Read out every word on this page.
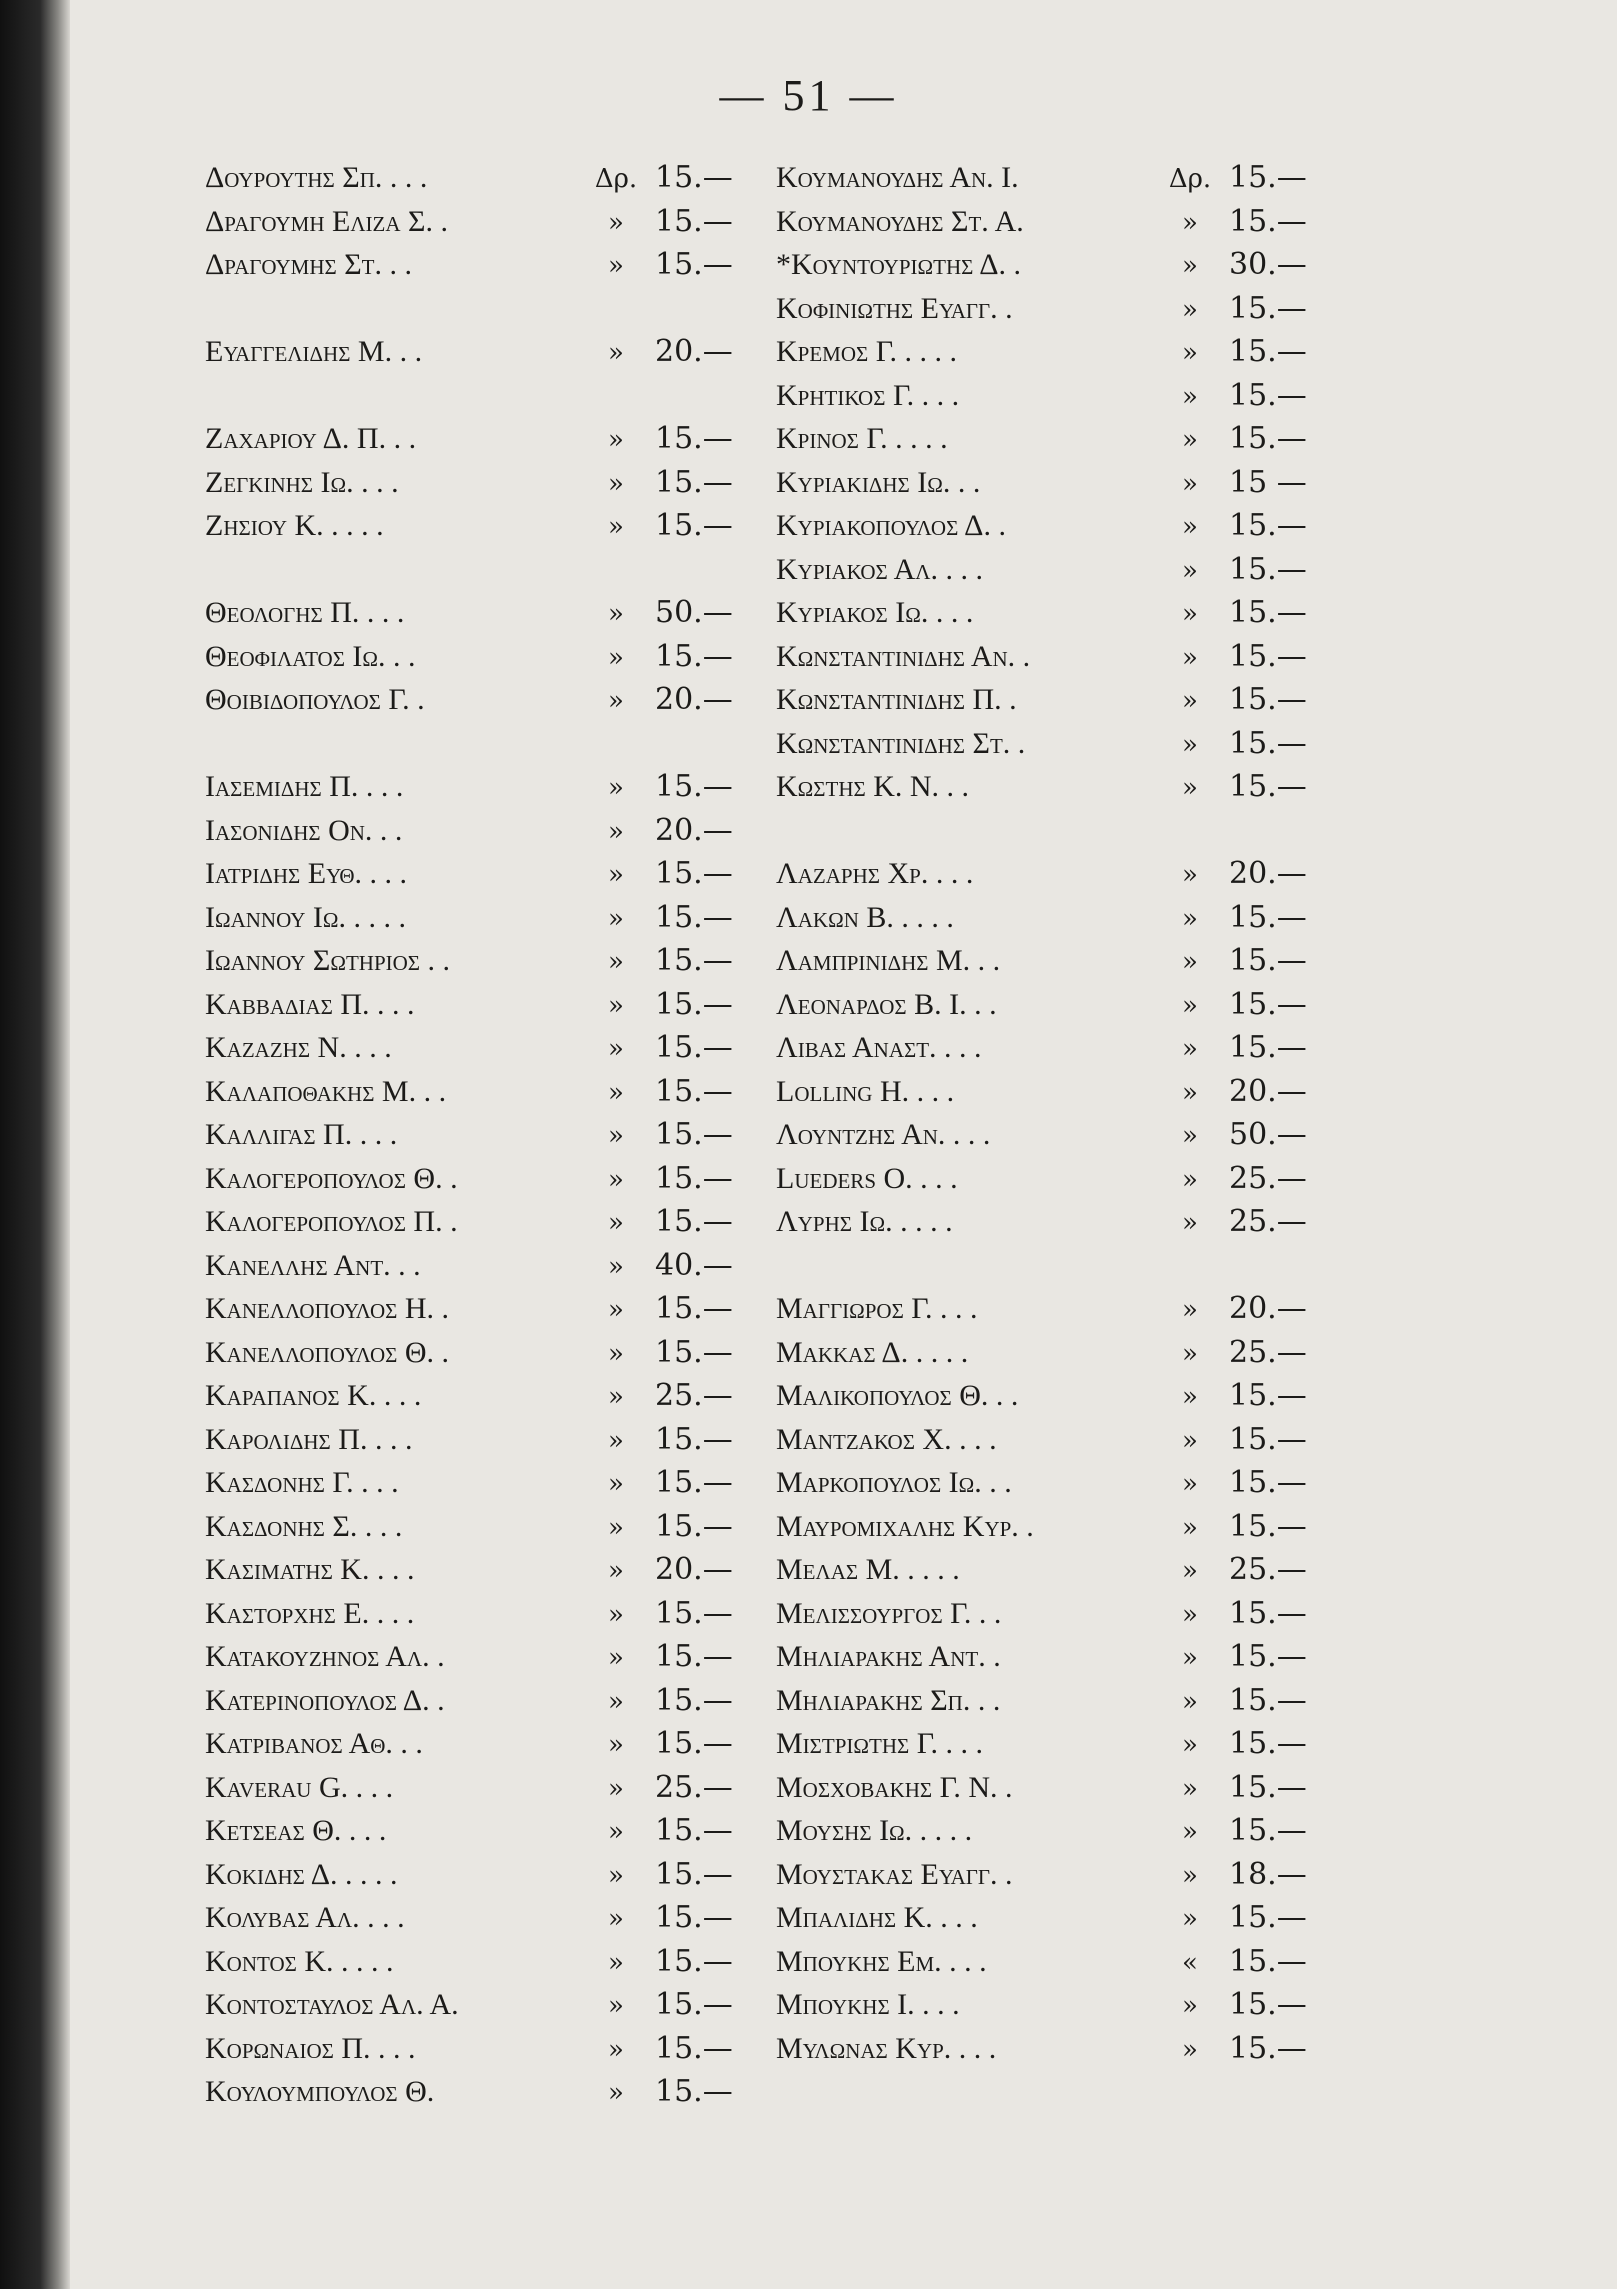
— 51 —
Δουρουτης Σπ. . . .	Δρ. 15.—
Δραγουμη Ελιζα Σ. .	»	15.—
Δραγουμης Στ. . .	»	15.—
Ευαγγελιδης Μ. . .	»	20.—
Ζαχαριου Δ. Π. . .	»	15.—
Ζεγκινης Ιω. . . .	»	15.—
Ζησιου Κ. . . . .	»	15.—
Θεολογης Π. . . .	»	50.—
Θεοφιλατος Ιω. . .	»	15.—
Θοιβιδοπουλος Γ. .	»	20.—
Ιασεμιδης Π. . . .	»	15.—
Ιασονιδης Ον. . .	»	20.—
Ιατριδης Ευθ. . . .	»	15.—
Ιωαννου Ιω. . . . .	»	15.—
Ιωαννου Σωτηριος . .	»	15.—
Καββαδιας Π. . . .	»	15.—
Καζαζης Ν. . . .	»	15.—
Καλαποθακης Μ. . .	»	15.—
Καλλιγας Π. . . .	»	15.—
Καλογεροπουλος Θ. .	»	15.—
Καλογεροπουλος Π. .	»	15.—
Κανελλης Αντ. . .	»	40.—
Κανελλοπουλος Η. .	»	15.—
Κανελλοπουλος Θ. .	»	15.—
Καραπανος Κ. . . .	»	25.—
Καρολιδης Π. . . .	»	15.—
Κασδονης Γ. . . .	»	15.—
Κασδονης Σ. . . .	»	15.—
Κασιματης Κ. . . .	»	20.—
Καστορχης Ε. . . .	»	15.—
Κατακουζηνος Αλ. .	»	15.—
Κατερινοπουλος Δ. .	»	15.—
Κατριβανος Αθ. . .	»	15.—
Kaverau G. . . .	»	25.—
Κετσεας Θ. . . .	»	15.—
Κοκιδης Δ. . . . .	»	15.—
Κολυβας Αλ. . . .	»	15.—
Κοντος Κ. . . . .	»	15.—
Κοντοσταυλος Αλ. Α.	»	15.—
Κορωναιος Π. . . .	»	15.—
Κουλουμπουλος Θ.	»	15.—
Κουμανουδης Αν. Ι.	Δρ. 15.—
Κουμανουδης Στ. Α.	»	15.—
*Κουντουριωτης Δ. .	»	30.—
Κοφινιωτης Ευαγγ. .	»	15.—
Κρεμος Γ. . . . .	»	15.—
Κρητικος Γ. . . .	»	15.—
Κρινος Γ. . . . .	»	15.—
Κυριακιδης Ιω. . .	»	15 —
Κυριακοπουλος Δ. .	»	15.—
Κυριακος Αλ. . . .	»	15.—
Κυριακος Ιω. . . .	»	15.—
Κωνσταντινιδης Αν. .	»	15.—
Κωνσταντινιδης Π. .	»	15.—
Κωνσταντινιδης Στ. .	»	15.—
Κωστης Κ. Ν. . .	»	15.—
Λαζαρης Χρ. . . .	»	20.—
Λακων Β. . . . .	»	15.—
Λαμπρινιδης Μ. . .	»	15.—
Λεοναρδος Β. Ι. . .	»	15.—
Λιβας Αναστ. . . .	»	15.—
Lolling H. . . .	»	20.—
Λουντζης Αν. . . .	»	50.—
Lueders O. . . .	»	25.—
Λυρης Ιω. . . . .	»	25.—
Μαγγιωρος Γ. . . .	»	20.—
Μακκας Δ. . . . .	»	25.—
Μαλικοπουλος Θ. . .	»	15.—
Μαντζακος Χ. . . .	»	15.—
Μαρκοπουλος Ιω. . .	»	15.—
Μαυρομιχαλης Κυρ. .	»	15.—
Μελας Μ. . . . .	»	25.—
Μελισσουργος Γ. . .	»	15.—
Μηλιαρακης Αντ. .	»	15.—
Μηλιαρακης Σπ. . .	»	15.—
Μιστριωτης Γ. . . .	»	15.—
Μοσχοβακης Γ. Ν. .	»	15.—
Μουσης Ιω. . . . .	»	15.—
Μουστακας Ευαγγ. .	»	18.—
Μπαλιδης Κ. . . .	»	15.—
Μπουκης Εμ. . . .	«	15.—
Μπουκης Ι. . . .	»	15.—
Μυλωνας Κυρ. . . .	»	15.—
